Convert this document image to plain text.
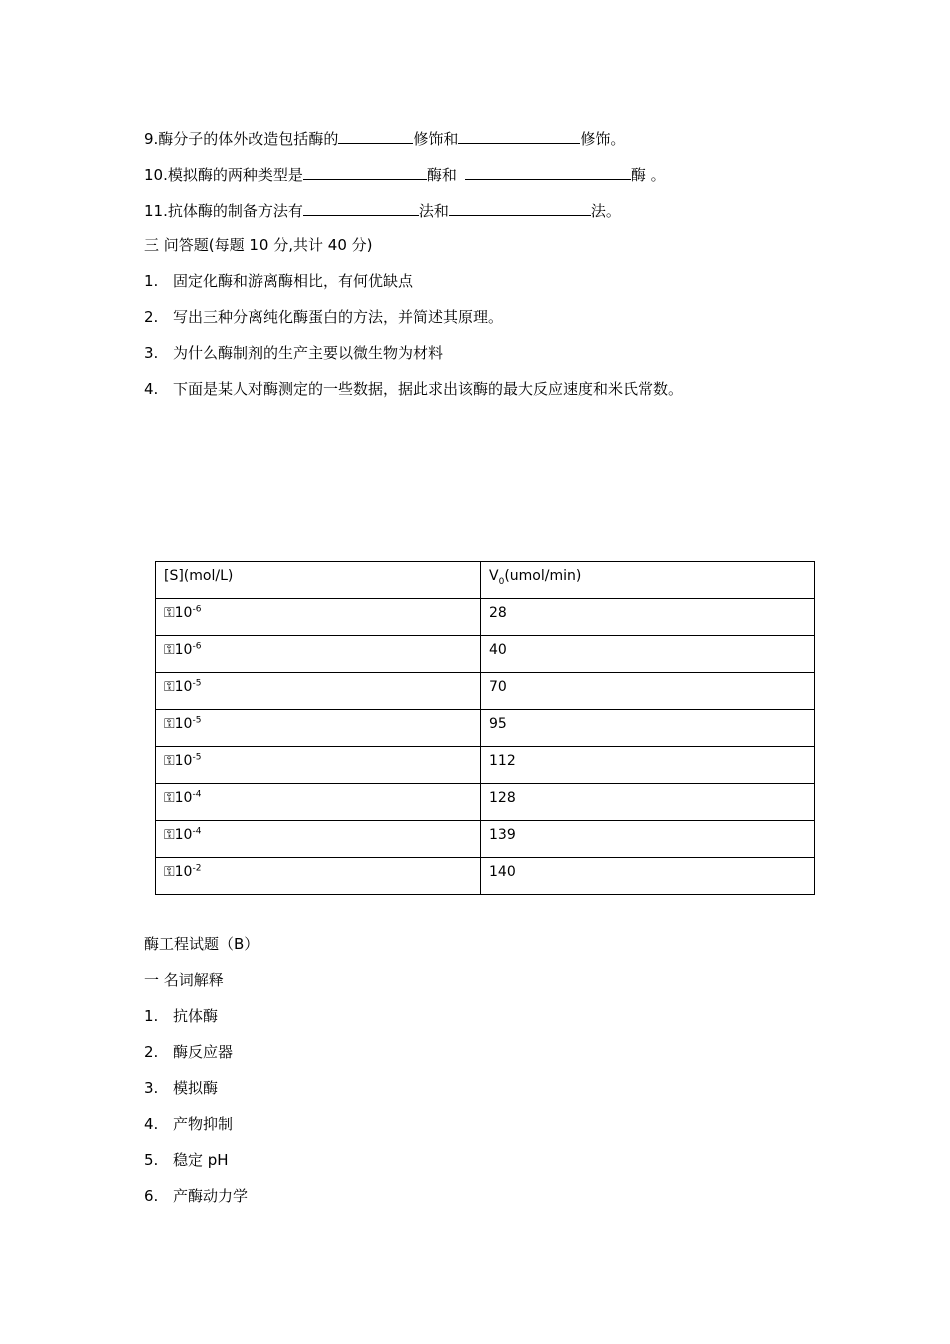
9.酶分子的体外改造包括酶的	修饰和	修饰。
10.模拟酶的两种类型是	酶和	酶 。
11.抗体酶的制备方法有	法和	法。
三 问答题(每题 10 分,共计 40 分)
1. 固定化酶和游离酶相比，有何优缺点
2. 写出三种分离纯化酶蛋白的方法，并简述其原理。
3. 为什么酶制剂的生产主要以微生物为材料
4. 下面是某人对酶测定的一些数据，据此求出该酶的最大反应速度和米氏常数。
[S](mol/L)	$V_0(umol/\min)$
$⚿10^{-6}$	28
$⚿10^{-6}$	40
$⚿10^{-5}$	70
$⚿10^{-5}$	95
$⚿10^{-5}$	112
$⚿10^{-4}$	128
$⚿10^{-4}$	139
$⚿10^{-2}$	140
酶工程试题（B）
一 名词解释
1. 抗体酶
2. 酶反应器
3. 模拟酶
4. 产物抑制
5. 稳定 pH
6. 产酶动力学
